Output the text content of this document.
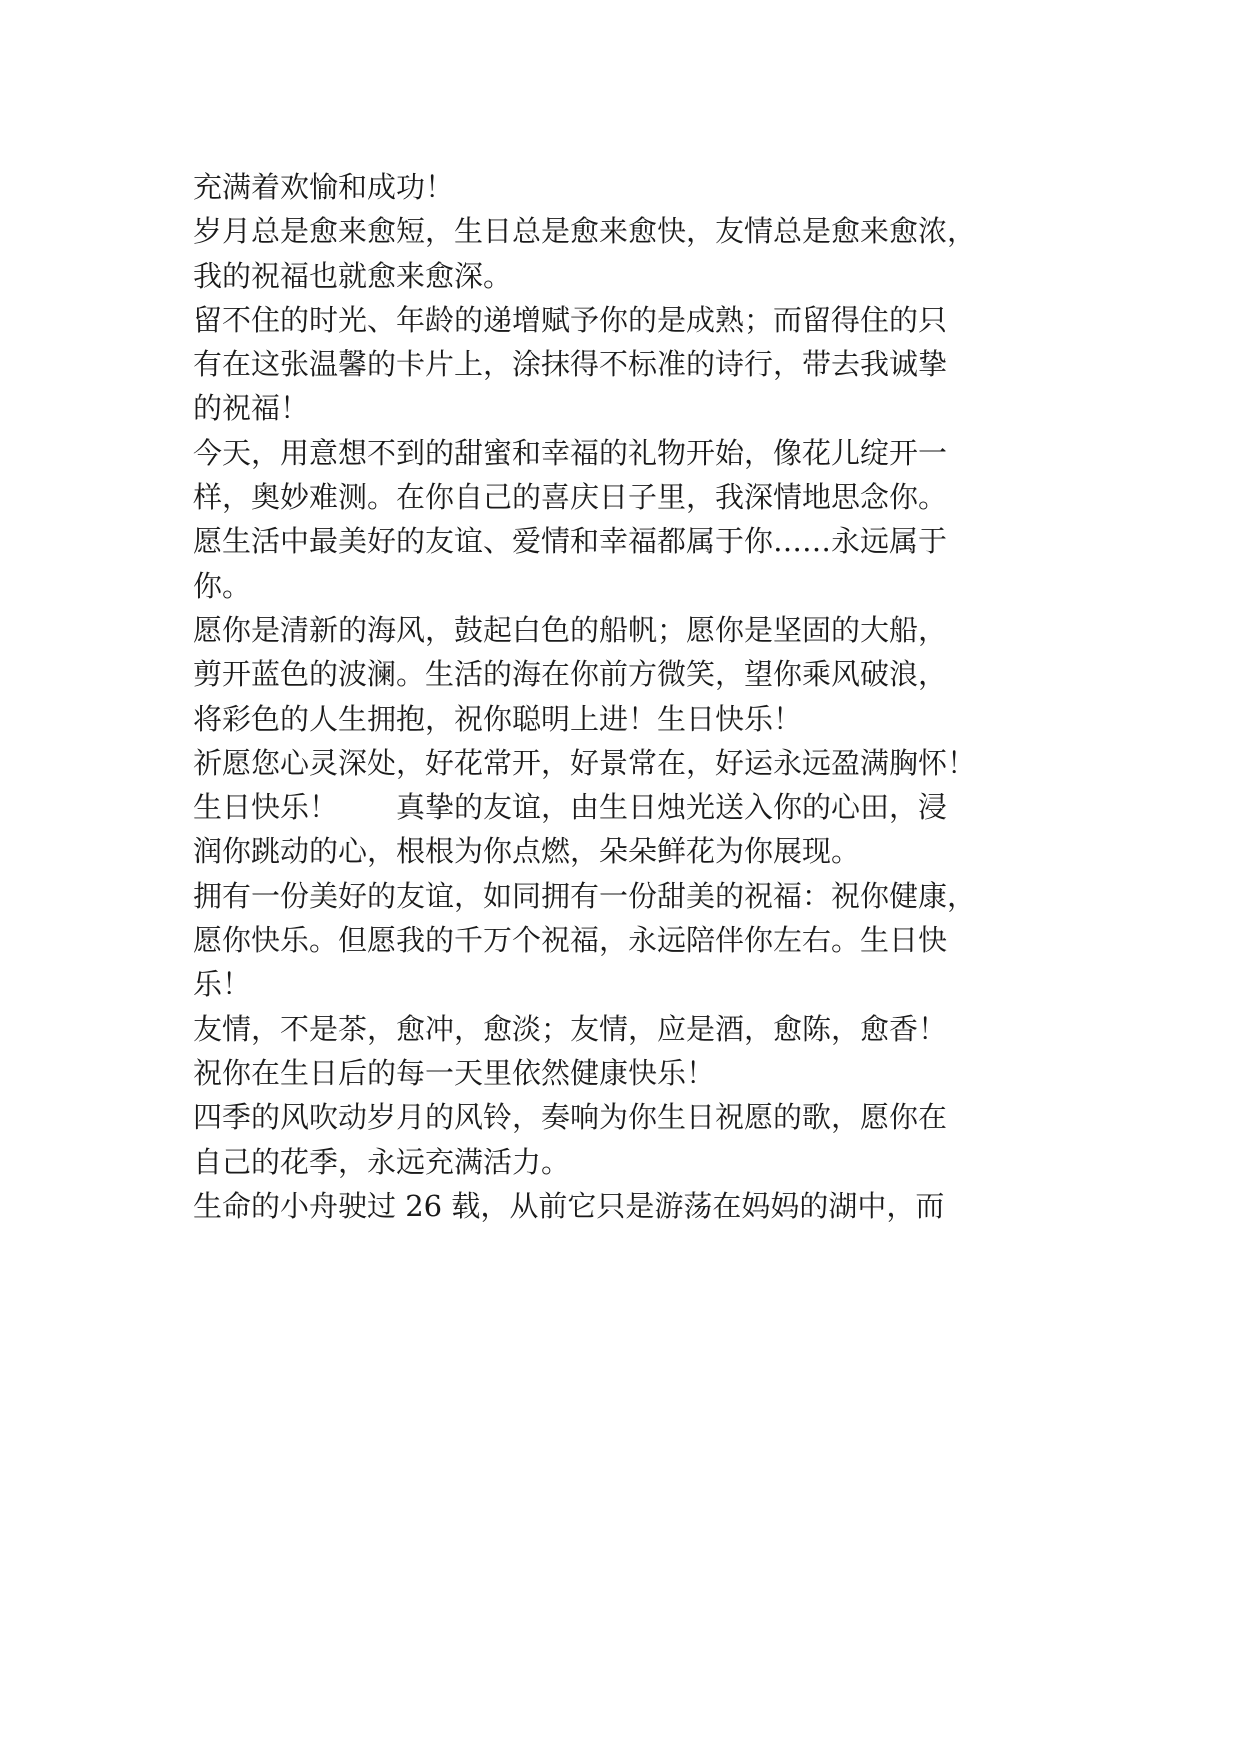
充满着欢愉和成功！
岁月总是愈来愈短，生日总是愈来愈快，友情总是愈来愈浓，
我的祝福也就愈来愈深。
留不住的时光、年龄的递增赋予你的是成熟；而留得住的只
有在这张温馨的卡片上，涂抹得不标准的诗行，带去我诚挚
的祝福！
今天，用意想不到的甜蜜和幸福的礼物开始，像花儿绽开一
样，奥妙难测。在你自己的喜庆日子里，我深情地思念你。
愿生活中最美好的友谊、爱情和幸福都属于你……永远属于
你。
愿你是清新的海风，鼓起白色的船帆；愿你是坚固的大船，
剪开蓝色的波澜。生活的海在你前方微笑，望你乘风破浪，
将彩色的人生拥抱，祝你聪明上进！生日快乐！
祈愿您心灵深处，好花常开，好景常在，好运永远盈满胸怀！
生日快乐！　　真挚的友谊，由生日烛光送入你的心田，浸
润你跳动的心，根根为你点燃，朵朵鲜花为你展现。
拥有一份美好的友谊，如同拥有一份甜美的祝福：祝你健康，
愿你快乐。但愿我的千万个祝福，永远陪伴你左右。生日快
乐！
友情，不是茶，愈冲，愈淡；友情，应是酒，愈陈，愈香！
祝你在生日后的每一天里依然健康快乐！
四季的风吹动岁月的风铃，奏响为你生日祝愿的歌，愿你在
自己的花季，永远充满活力。
生命的小舟驶过 26 载，从前它只是游荡在妈妈的湖中，而
